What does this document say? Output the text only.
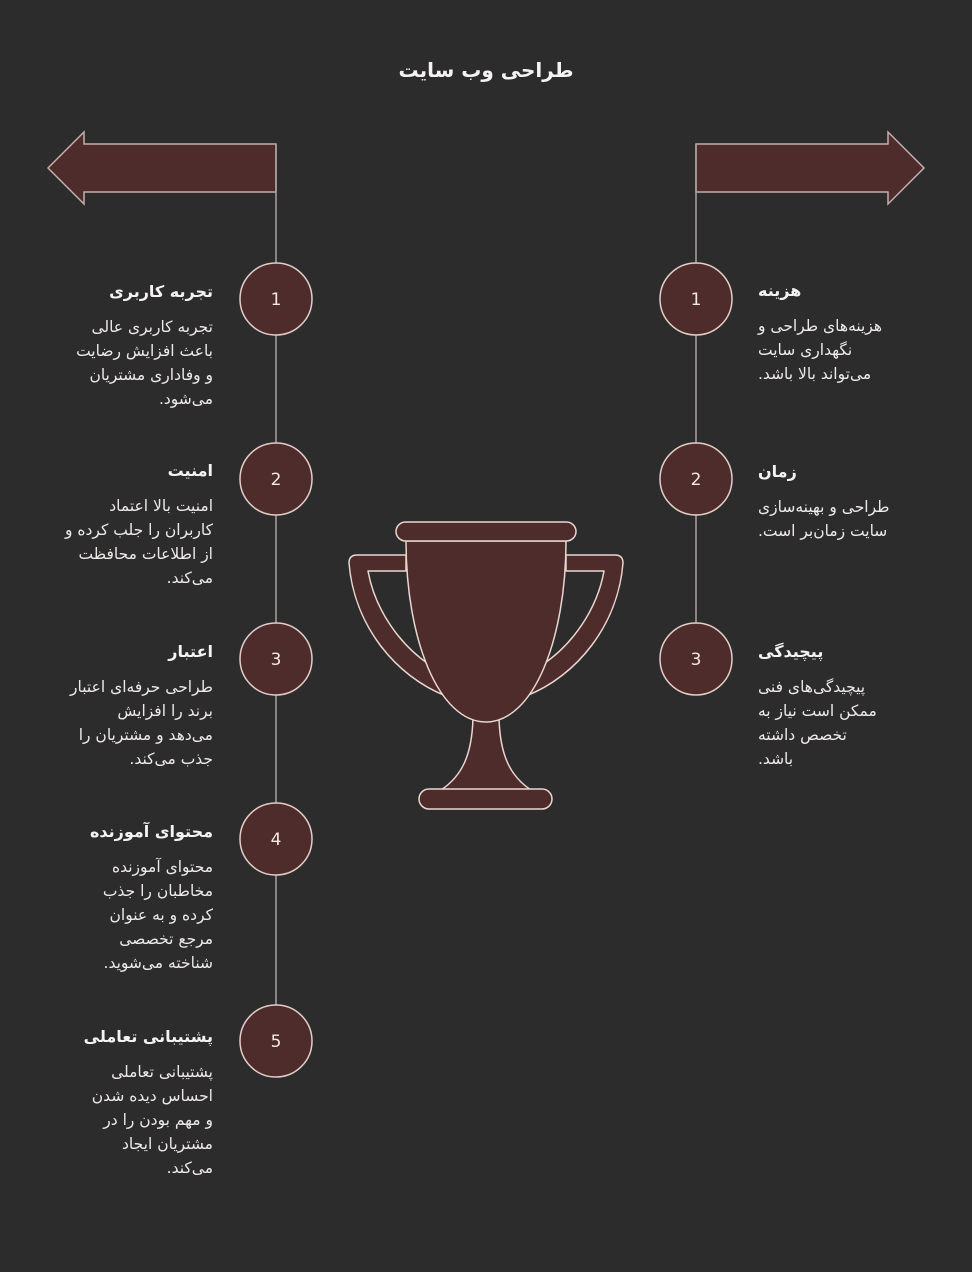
1
2
3
4
5
1
2
3
طراحی وب سایت
تجربه کاربری
تجربه کاربری عالی
باعث افزایش رضایت
و وفاداری مشتریان
می‌شود.
امنیت
امنیت بالا اعتماد
کاربران را جلب کرده و
از اطلاعات محافظت
می‌کند.
اعتبار
طراحی حرفه‌ای اعتبار
برند را افزایش
می‌دهد و مشتریان را
جذب می‌کند.
محتوای آموزنده
محتوای آموزنده
مخاطبان را جذب
کرده و به عنوان
مرجع تخصصی
شناخته می‌شوید.
پشتیبانی تعاملی
پشتیبانی تعاملی
احساس دیده شدن
و مهم بودن را در
مشتریان ایجاد
می‌کند.
هزینه
هزینه‌های طراحی و
نگهداری سایت
می‌تواند بالا باشد.
زمان
طراحی و بهینه‌سازی
سایت زمان‌بر است.
پیچیدگی
پیچیدگی‌های فنی
ممکن است نیاز به
تخصص داشته
باشد.
